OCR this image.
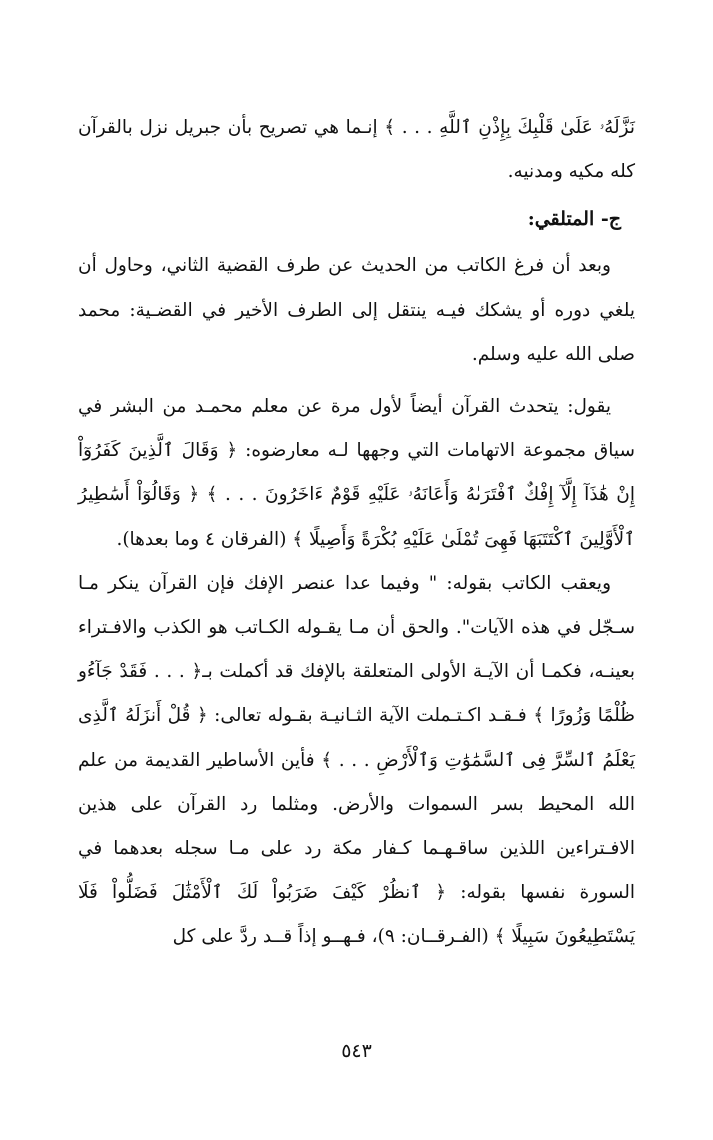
نَزَّلَهُۥ عَلَىٰ قَلْبِكَ بِإِذْنِ ٱللَّهِ . . . ﴾ إنـما هي تصريح بأن جبريل نزل بالقرآن كله مكيه ومدنيه.

ج- المتلقي:

وبعد أن فرغ الكاتب من الحديث عن طرف القضية الثاني، وحاول أن يلغي دوره أو يشكك فيـه ينتقل إلى الطرف الأخير في القضـية: محمد صلى الله عليه وسلم.

يقول: يتحدث القرآن أيضاً لأول مرة عن معلم محمـد من البشر في سياق مجموعة الاتهامات التي وجهها لـه معارضوه: ﴿ وَقَالَ ٱلَّذِينَ كَفَرُوٓاْ إِنْ هَٰذَآ إِلَّآ إِفْكٌ ٱفْتَرَىٰهُ وَأَعَانَهُۥ عَلَيْهِ قَوْمٌ ءَاخَرُونَ . . . ﴾ ﴿ وَقَالُوٓاْ أَسَٰطِيرُ ٱلْأَوَّلِينَ ٱكْتَتَبَهَا فَهِىَ تُمْلَىٰ عَلَيْهِ بُكْرَةً وَأَصِيلًا ﴾ (الفرقان ٤ وما بعدها).

ويعقب الكاتب بقوله: " وفيما عدا عنصر الإفك فإن القرآن ينكر مـا سـجّل في هذه الآيات". والحق أن مـا يقـوله الكـاتب هو الكذب والافـتراء بعينـه، فكمـا أن الآيـة الأولى المتعلقة بالإفك قد أكملت بـ﴿ . . . فَقَدْ جَآءُو ظُلْمًا وَزُورًا ﴾ فـقـد اكـتـملت الآية الثـانيـة بقـوله تعالى: ﴿ قُلْ أَنزَلَهُ ٱلَّذِى يَعْلَمُ ٱلسِّرَّ فِى ٱلسَّمَٰوَٰتِ وَٱلْأَرْضِ . . . ﴾ فأين الأساطير القديمة من علم الله المحيط بسر السموات والأرض. ومثلما رد القرآن على هذين الافـتراءين اللذين ساقـهـما كـفار مكة رد على مـا سجله بعدهما في السورة نفسها بقوله: ﴿ ٱنظُرْ كَيْفَ ضَرَبُواْ لَكَ ٱلْأَمْثَٰلَ فَضَلُّواْ فَلَا يَسْتَطِيعُونَ سَبِيلًا ﴾ (الفـرقــان: ٩)، فـهــو إذاً قــد ردَّ على كل

٥٤٣
